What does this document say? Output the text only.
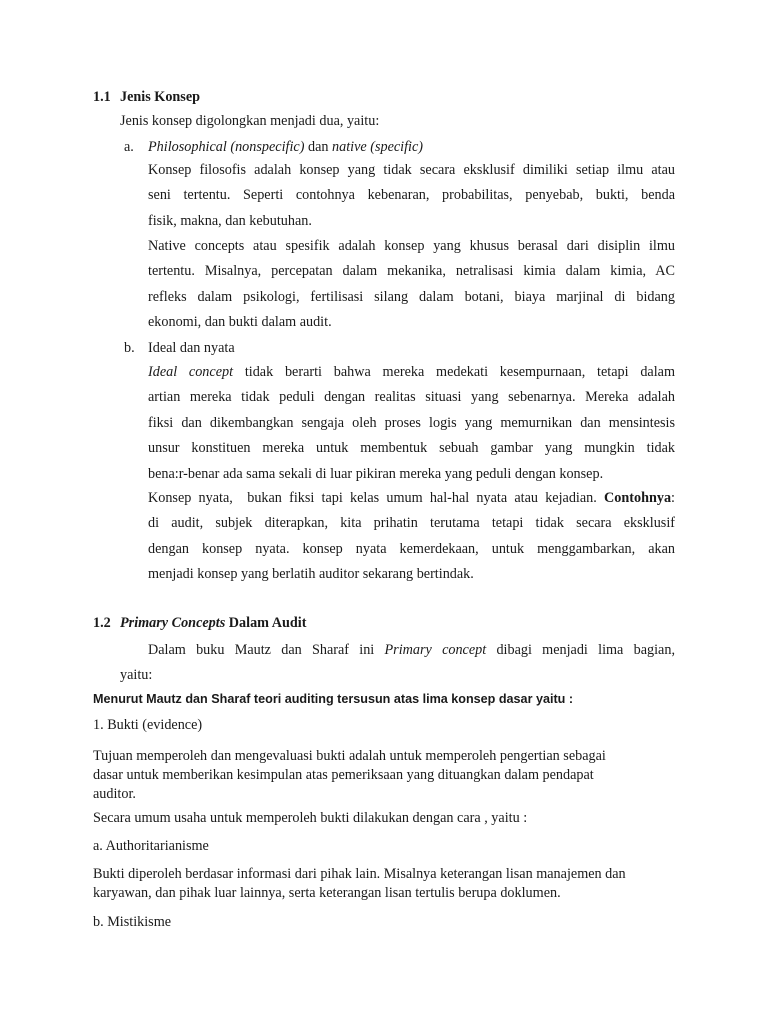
1.1 Jenis Konsep
Jenis konsep digolongkan menjadi dua, yaitu:
a. Philosophical (nonspecific) dan native (specific)
Konsep filosofis adalah konsep yang tidak secara eksklusif dimiliki setiap ilmu atau
seni tertentu. Seperti contohnya kebenaran, probabilitas, penyebab, bukti, benda
fisik, makna, dan kebutuhan.
Native concepts atau spesifik adalah konsep yang khusus berasal dari disiplin ilmu
tertentu. Misalnya, percepatan dalam mekanika, netralisasi kimia dalam kimia, AC
refleks dalam psikologi, fertilisasi silang dalam botani, biaya marjinal di bidang
ekonomi, dan bukti dalam audit.
b. Ideal dan nyata
Ideal concept tidak berarti bahwa mereka medekati kesempurnaan, tetapi dalam
artian mereka tidak peduli dengan realitas situasi yang sebenarnya. Mereka adalah
fiksi dan dikembangkan sengaja oleh proses logis yang memurnikan dan mensintesis
unsur konstituen mereka untuk membentuk sebuah gambar yang mungkin tidak
bena:r-benar ada sama sekali di luar pikiran mereka yang peduli dengan konsep.
Konsep nyata,  bukan fiksi tapi kelas umum hal-hal nyata atau kejadian. Contohnya:
di audit, subjek diterapkan, kita prihatin terutama tetapi tidak secara eksklusif
dengan konsep nyata. konsep nyata kemerdekaan, untuk menggambarkan, akan
menjadi konsep yang berlatih auditor sekarang bertindak.
1.2 Primary Concepts Dalam Audit
Dalam buku Mautz dan Sharaf ini Primary concept dibagi menjadi lima bagian,
yaitu:
Menurut Mautz dan Sharaf teori auditing tersusun atas lima konsep dasar yaitu :
1. Bukti (evidence)
Tujuan memperoleh dan mengevaluasi bukti adalah untuk memperoleh pengertian sebagai
dasar untuk memberikan kesimpulan atas pemeriksaan yang dituangkan dalam pendapat
auditor.
Secara umum usaha untuk memperoleh bukti dilakukan dengan cara , yaitu :
a. Authoritarianisme
Bukti diperoleh berdasar informasi dari pihak lain. Misalnya keterangan lisan manajemen dan
karyawan, dan pihak luar lainnya, serta keterangan lisan tertulis berupa doklumen.
b. Mistikisme
